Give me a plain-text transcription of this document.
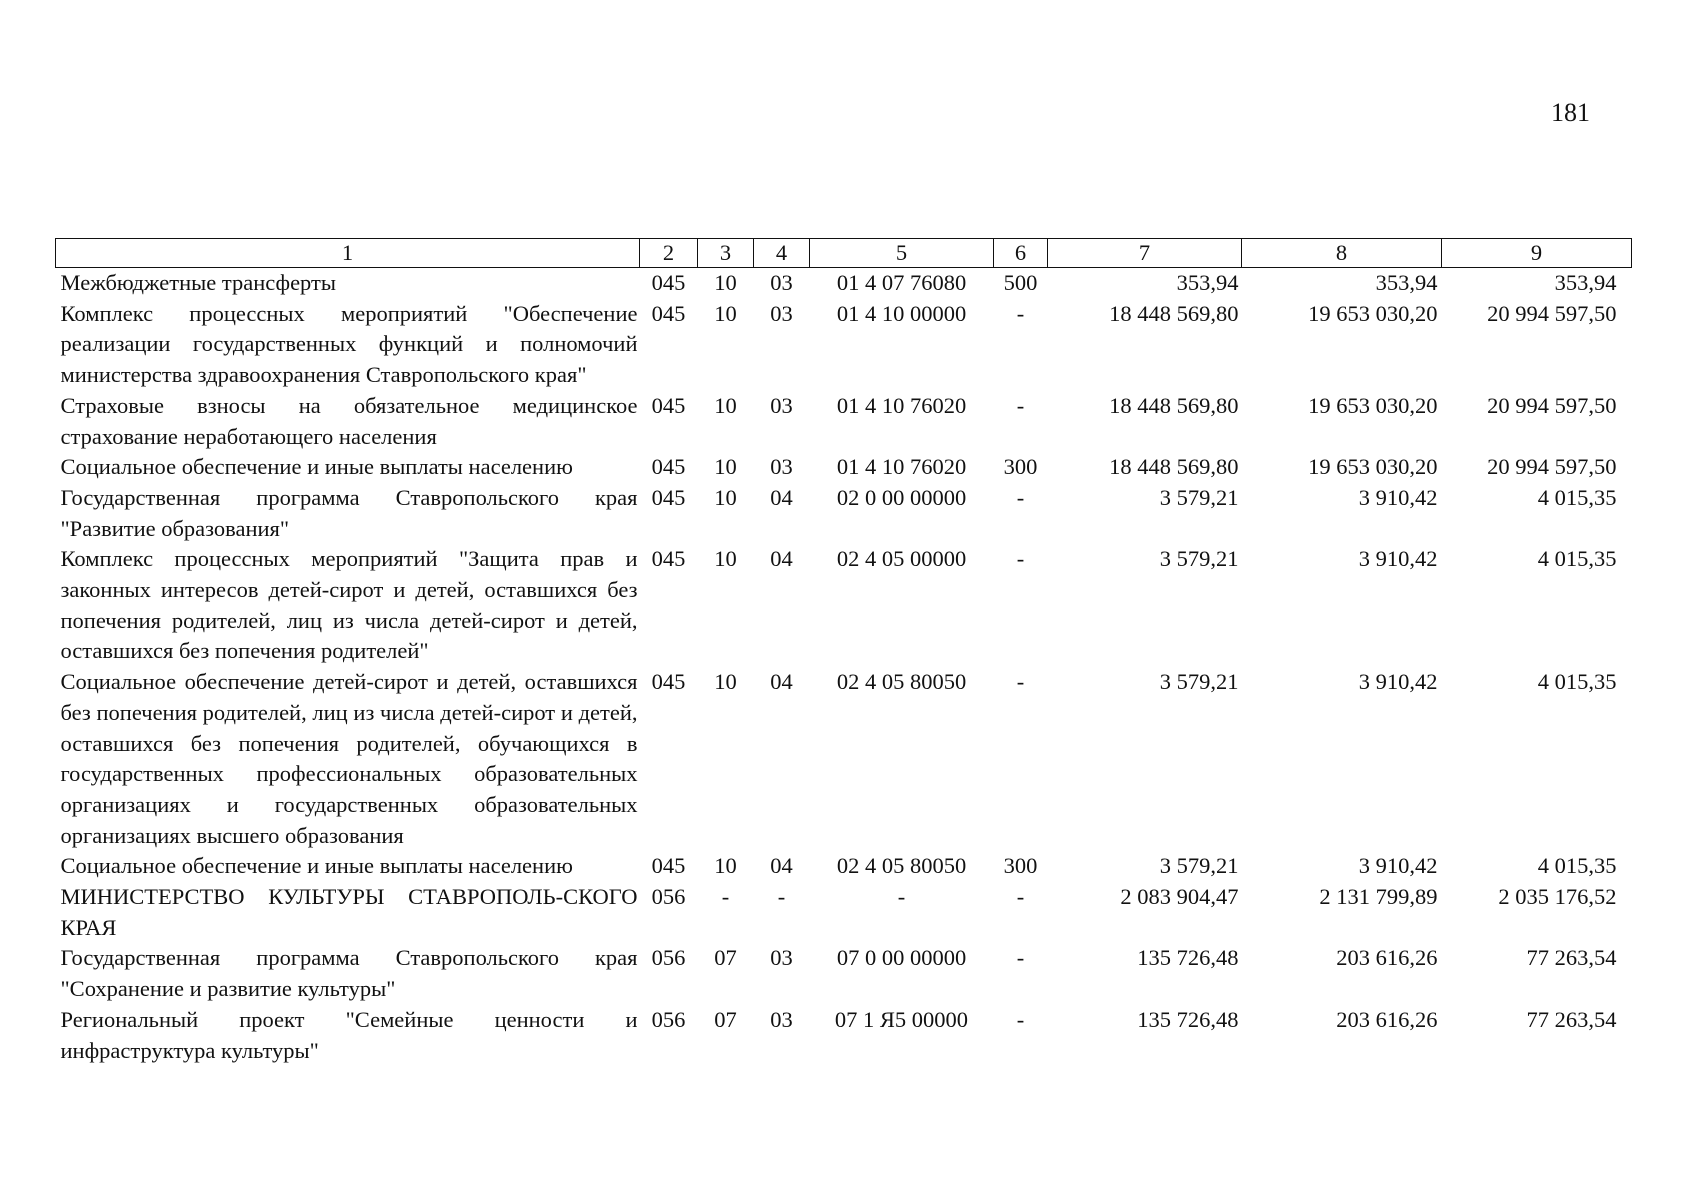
181
1	2	3	4	5	6	7	8	9
Межбюджетные трансферты	045	10	03	01 4 07 76080	500	353,94	353,94	353,94
Комплекс процессных мероприятий "Обеспечение реализации государственных функций и полномочий министерства здравоохранения Ставропольского края"	045	10	03	01 4 10 00000	-	18 448 569,80	19 653 030,20	20 994 597,50
Страховые взносы на обязательное медицинское страхование неработающего населения	045	10	03	01 4 10 76020	-	18 448 569,80	19 653 030,20	20 994 597,50
Социальное обеспечение и иные выплаты населению	045	10	03	01 4 10 76020	300	18 448 569,80	19 653 030,20	20 994 597,50
Государственная программа Ставропольского края "Развитие образования"	045	10	04	02 0 00 00000	-	3 579,21	3 910,42	4 015,35
Комплекс процессных мероприятий "Защита прав и законных интересов детей-сирот и детей, оставшихся без попечения родителей, лиц из числа детей-сирот и детей, оставшихся без попечения родителей"	045	10	04	02 4 05 00000	-	3 579,21	3 910,42	4 015,35
Социальное обеспечение детей-сирот и детей, оставшихся без попечения родителей, лиц из числа детей-сирот и детей, оставшихся без попечения родителей, обучающихся в государственных профессиональных образовательных организациях и государственных образовательных организациях высшего образования	045	10	04	02 4 05 80050	-	3 579,21	3 910,42	4 015,35
Социальное обеспечение и иные выплаты населению	045	10	04	02 4 05 80050	300	3 579,21	3 910,42	4 015,35
МИНИСТЕРСТВО КУЛЬТУРЫ СТАВРОПОЛЬ-СКОГО КРАЯ	056	-	-	-	-	2 083 904,47	2 131 799,89	2 035 176,52
Государственная программа Ставропольского края "Сохранение и развитие культуры"	056	07	03	07 0 00 00000	-	135 726,48	203 616,26	77 263,54
Региональный проект "Семейные ценности и инфраструктура культуры"	056	07	03	07 1 Я5 00000	-	135 726,48	203 616,26	77 263,54
